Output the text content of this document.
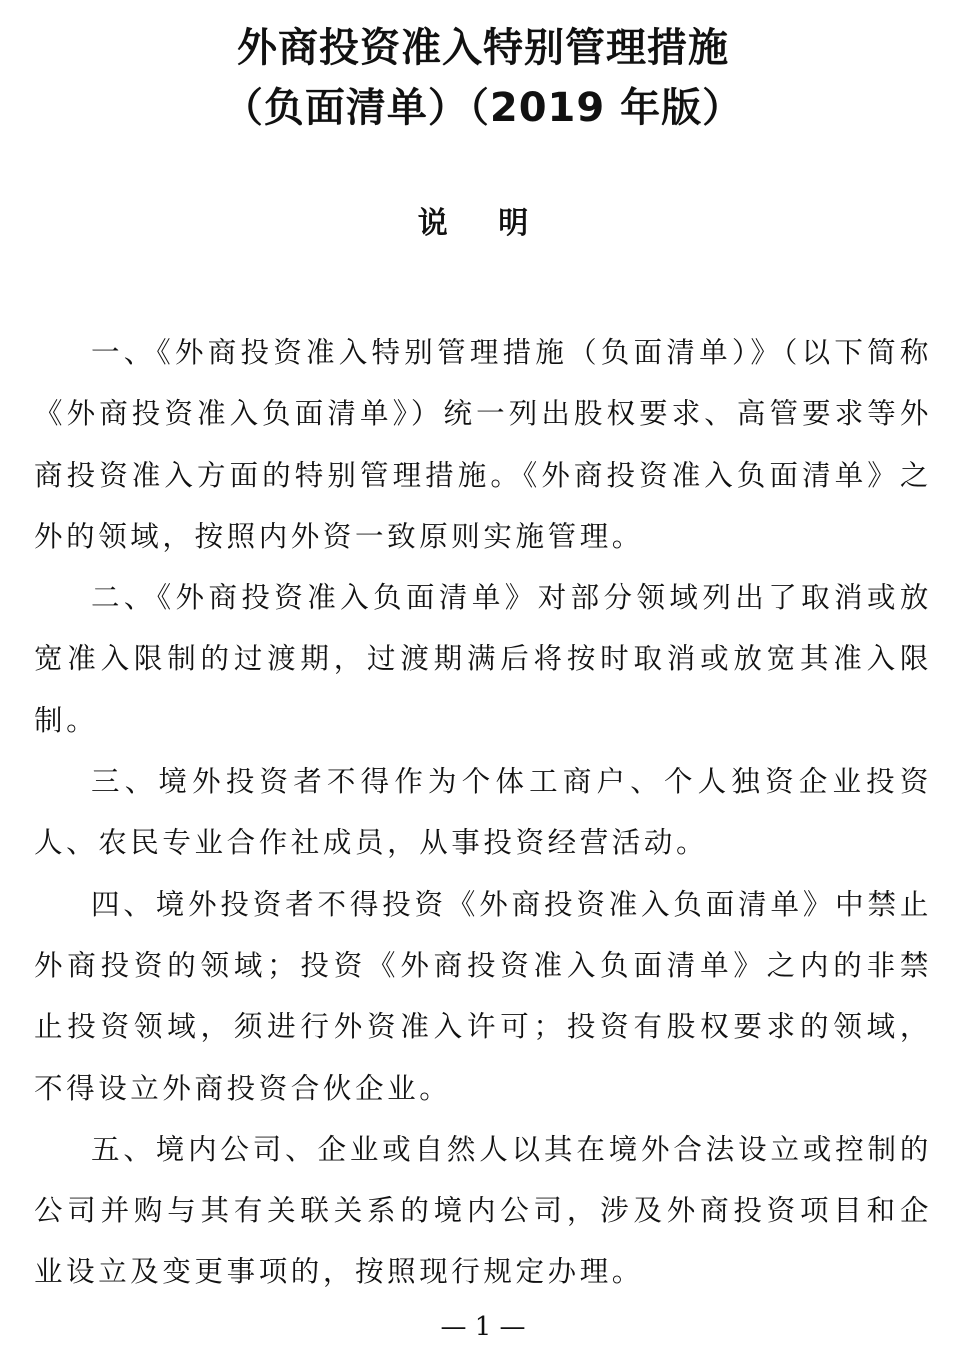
外商投资准入特别管理措施
（负面清单）（2019 年版）
说 明

一、《外商投资准入特别管理措施（负面清单）》（以下简称《外商投资准入负面清单》）统一列出股权要求、高管要求等外商投资准入方面的特别管理措施。《外商投资准入负面清单》之外的领域，按照内外资一致原则实施管理。

二、《外商投资准入负面清单》对部分领域列出了取消或放宽准入限制的过渡期，过渡期满后将按时取消或放宽其准入限制。

三、境外投资者不得作为个体工商户、个人独资企业投资人、农民专业合作社成员，从事投资经营活动。

四、境外投资者不得投资《外商投资准入负面清单》中禁止外商投资的领域；投资《外商投资准入负面清单》之内的非禁止投资领域，须进行外资准入许可；投资有股权要求的领域，不得设立外商投资合伙企业。

五、境内公司、企业或自然人以其在境外合法设立或控制的公司并购与其有关联关系的境内公司，涉及外商投资项目和企业设立及变更事项的，按照现行规定办理。

— 1 —
